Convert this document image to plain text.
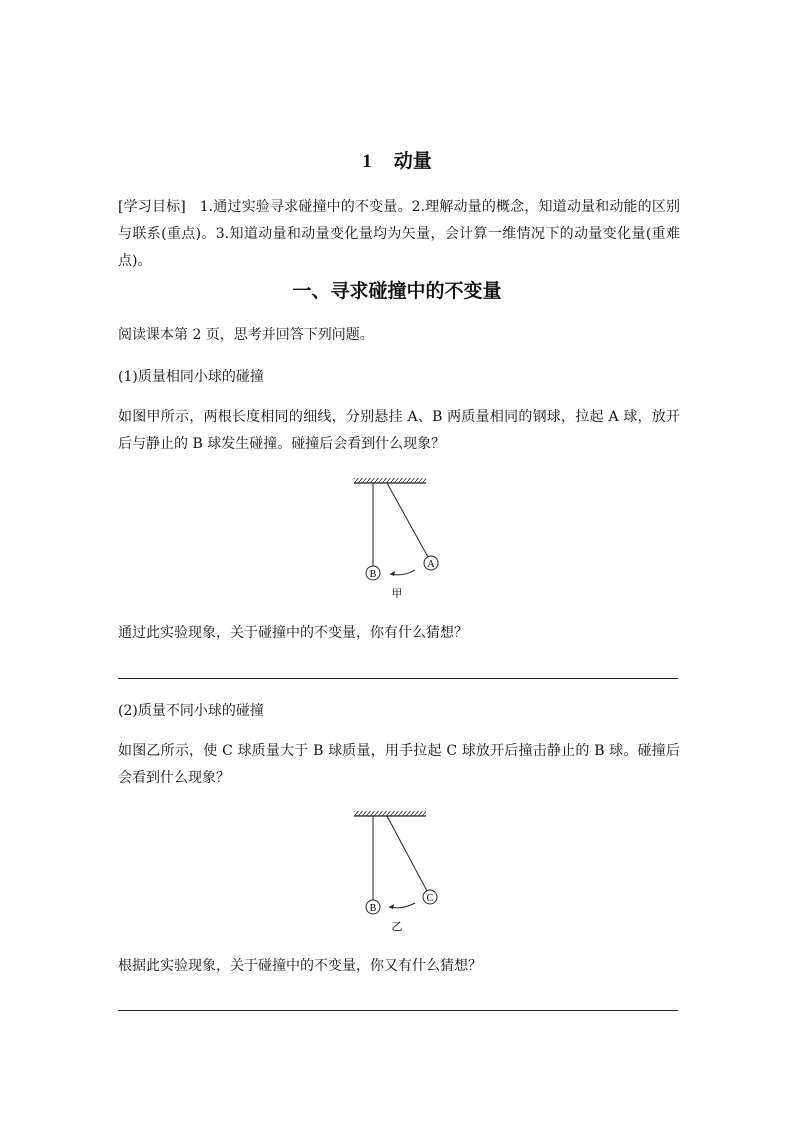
1 动量
[学习目标] 1.通过实验寻求碰撞中的不变量。2.理解动量的概念，知道动量和动能的区别与联系(重点)。3.知道动量和动量变化量均为矢量，会计算一维情况下的动量变化量(重难点)。
一、寻求碰撞中的不变量
阅读课本第 2 页，思考并回答下列问题。
(1)质量相同小球的碰撞
如图甲所示，两根长度相同的细线，分别悬挂 A、B 两质量相同的钢球，拉起 A 球，放开后与静止的 B 球发生碰撞。碰撞后会看到什么现象？
B
A
甲
通过此实验现象，关于碰撞中的不变量，你有什么猜想？
(2)质量不同小球的碰撞
如图乙所示，使 C 球质量大于 B 球质量，用手拉起 C 球放开后撞击静止的 B 球。碰撞后会看到什么现象？
B
C
乙
根据此实验现象，关于碰撞中的不变量，你又有什么猜想？
